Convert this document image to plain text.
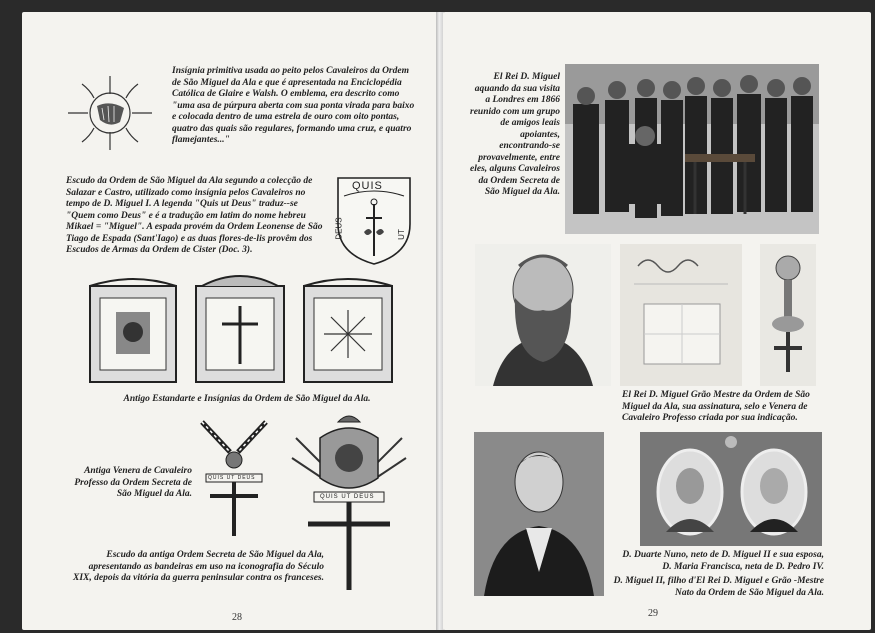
Insígnia primitiva usada ao peito pelos Cavaleiros da Ordem de São Miguel da Ala e que é apresentada na Enciclopédia Católica de Glaire e Walsh. O emblema, era descrito como "uma asa de púrpura aberta com sua ponta virada para baixo e colocada dentro de uma estrela de ouro com oito pontas, quatro das quais são regulares, formando uma cruz, e quatro flamejantes..."
Escudo da Ordem de São Miguel da Ala segundo a colecção de Salazar e Castro, utilizado como insígnia pelos Cavaleiros no tempo de D. Miguel I. A legenda "Quis ut Deus" traduz--se "Quem como Deus" e é a tradução em latim do nome hebreu Mikael = "Miguel". A espada provém da Ordem Leonense de São Tiago de Espada (Sant'Iago) e as duas flores-de-lis provêm dos Escudos de Armas da Ordem de Cister (Doc. 3).
QUIS
DEUS	UT
Antigo Estandarte e Insígnias da Ordem de São Miguel da Ala.
Antiga Venera de Cavaleiro Professo da Ordem Secreta de São Miguel da Ala.
QUIS UT DEUS
QUIS UT DEUS
Escudo da antiga Ordem Secreta de São Miguel da Ala, apresentando as bandeiras em uso na iconografia do Século XIX, depois da vitória da guerra peninsular contra os franceses.
28
El Rei D. Miguel aquando da sua visita a Londres em 1866 reunido com um grupo de amigos leais apoiantes, encontrando-se provavelmente, entre eles, alguns Cavaleiros da Ordem Secreta de São Miguel da Ala.
El Rei D. Miguel Grão Mestre da Ordem de São Miguel da Ala, sua assinatura, selo e Venera de Cavaleiro Professo criada por sua indicação.
D. Duarte Nuno, neto de D. Miguel II e sua esposa, D. Maria Francisca, neta de D. Pedro IV.
D. Miguel II, filho d'El Rei D. Miguel e Grão -Mestre Nato da Ordem de São Miguel da Ala.
29
